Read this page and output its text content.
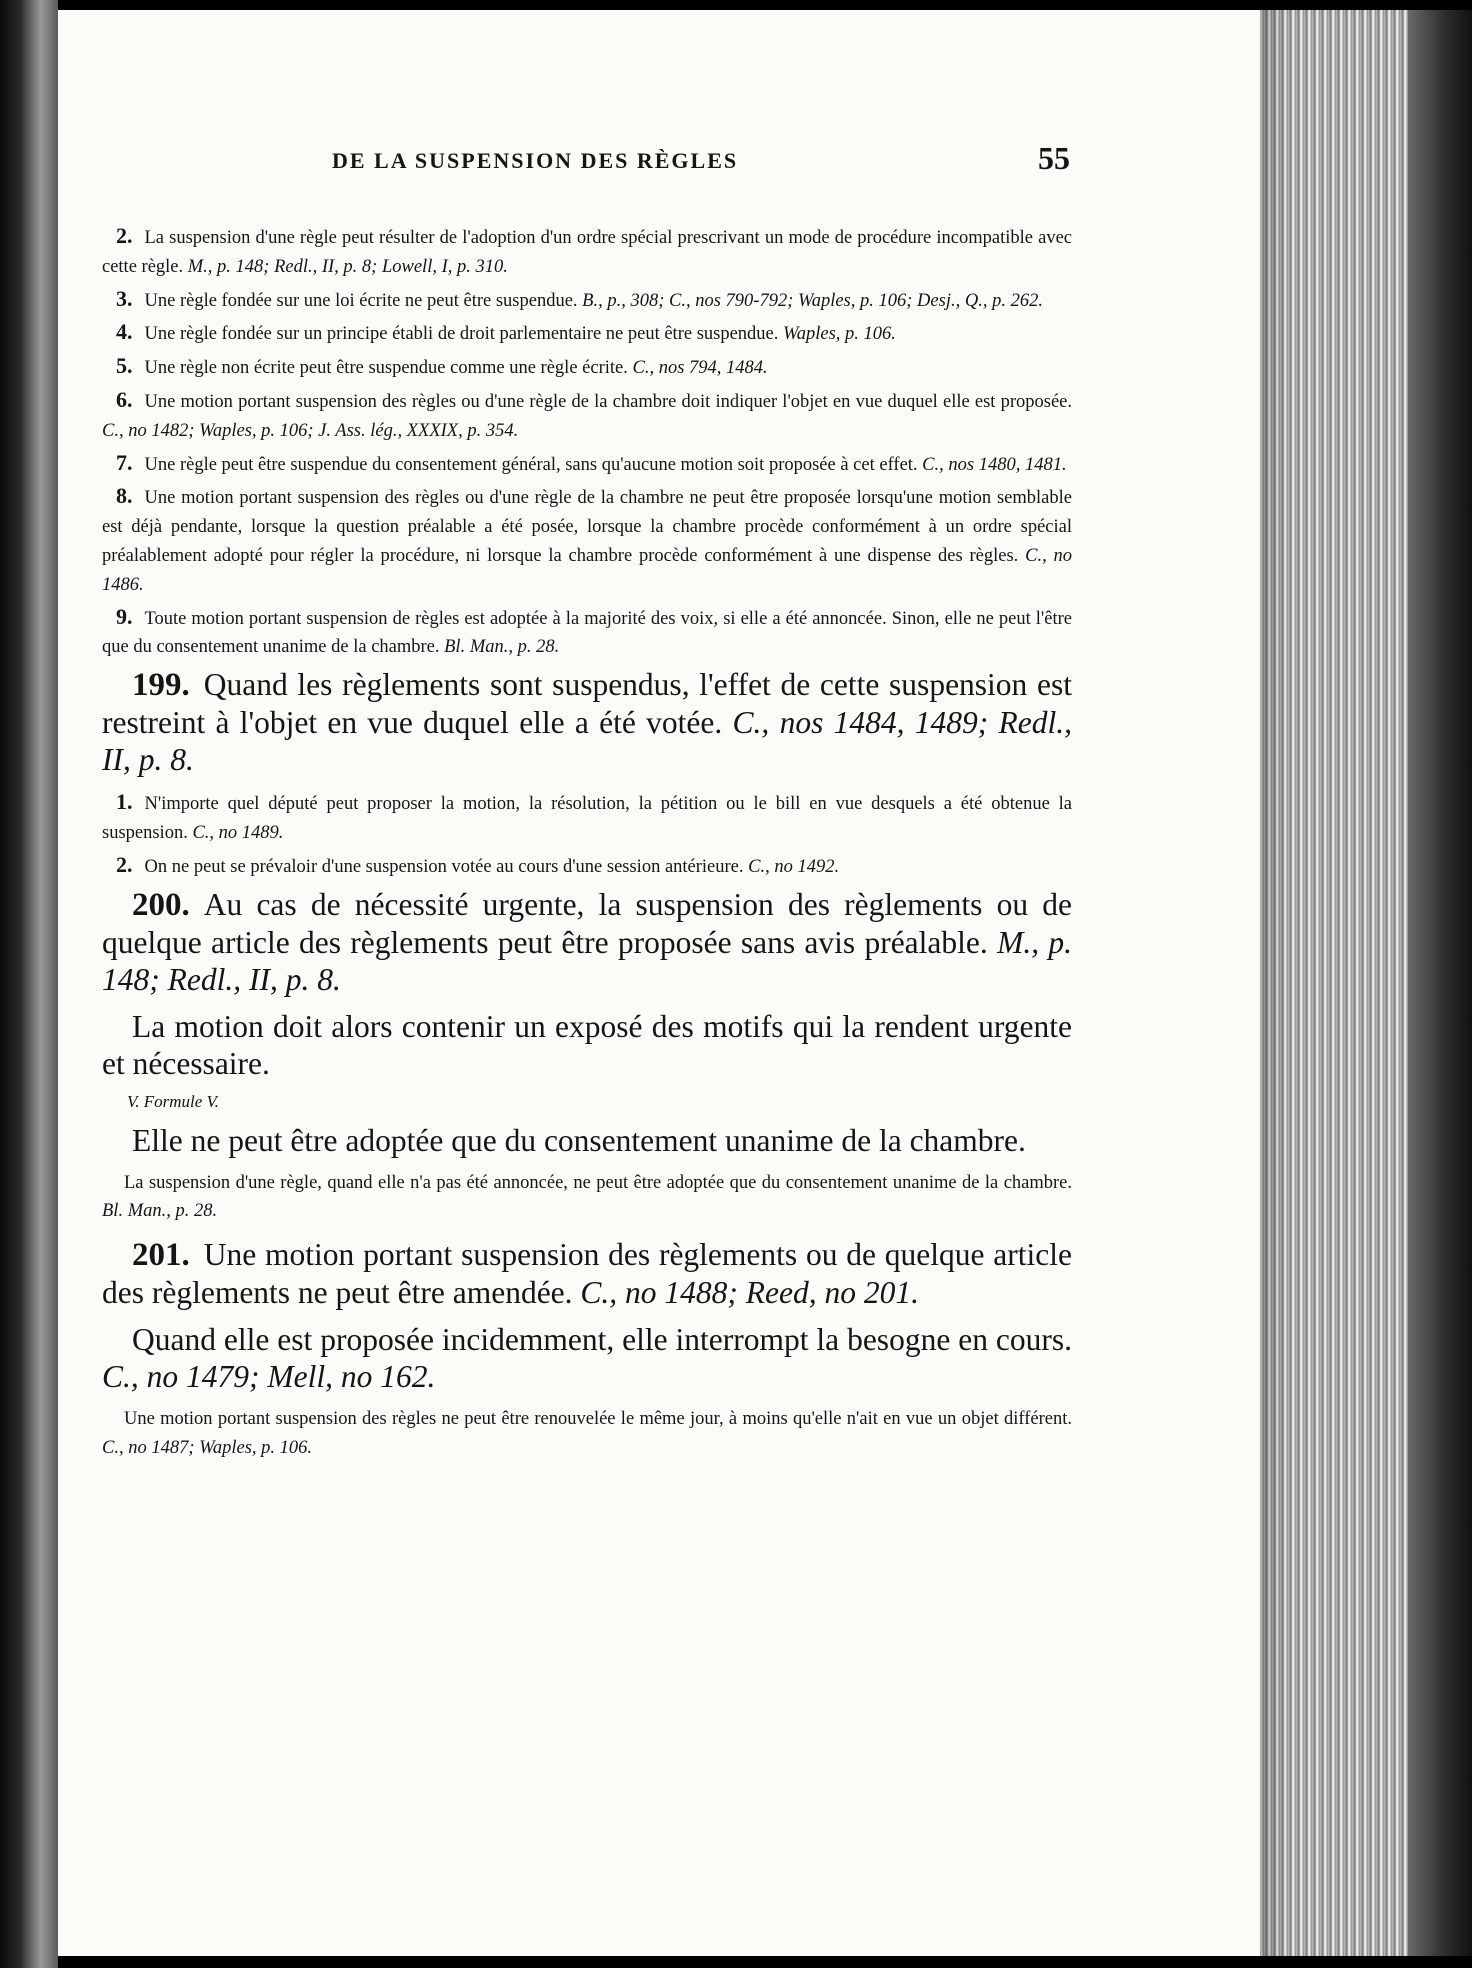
DE LA SUSPENSION DES RÈGLES	55

2. La suspension d'une règle peut résulter de l'adoption d'un ordre spécial prescrivant un mode de procédure incompatible avec cette règle. M., p. 148; Redl., II, p. 8; Lowell, I, p. 310.

3. Une règle fondée sur une loi écrite ne peut être suspendue. B., p., 308; C., nos 790-792; Waples, p. 106; Desj., Q., p. 262.

4. Une règle fondée sur un principe établi de droit parlementaire ne peut être suspendue. Waples, p. 106.

5. Une règle non écrite peut être suspendue comme une règle écrite. C., nos 794, 1484.

6. Une motion portant suspension des règles ou d'une règle de la chambre doit indiquer l'objet en vue duquel elle est proposée. C., no 1482; Waples, p. 106; J. Ass. lég., XXXIX, p. 354.

7. Une règle peut être suspendue du consentement général, sans qu'aucune motion soit proposée à cet effet. C., nos 1480, 1481.

8. Une motion portant suspension des règles ou d'une règle de la chambre ne peut être proposée lorsqu'une motion semblable est déjà pendante, lorsque la question préalable a été posée, lorsque la chambre procède conformément à un ordre spécial préalablement adopté pour régler la procédure, ni lorsque la chambre procède conformément à une dispense des règles. C., no 1486.

9. Toute motion portant suspension de règles est adoptée à la majorité des voix, si elle a été annoncée. Sinon, elle ne peut l'être que du consentement unanime de la chambre. Bl. Man., p. 28.

199. Quand les règlements sont suspendus, l'effet de cette suspension est restreint à l'objet en vue duquel elle a été votée. C., nos 1484, 1489; Redl., II, p. 8.

1. N'importe quel député peut proposer la motion, la résolution, la pétition ou le bill en vue desquels a été obtenue la suspension. C., no 1489.

2. On ne peut se prévaloir d'une suspension votée au cours d'une session antérieure. C., no 1492.

200. Au cas de nécessité urgente, la suspension des règlements ou de quelque article des règlements peut être proposée sans avis préalable. M., p. 148; Redl., II, p. 8.

La motion doit alors contenir un exposé des motifs qui la rendent urgente et nécessaire.

V. Formule V.

Elle ne peut être adoptée que du consentement unanime de la chambre.

La suspension d'une règle, quand elle n'a pas été annoncée, ne peut être adoptée que du consentement unanime de la chambre. Bl. Man., p. 28.

201. Une motion portant suspension des règlements ou de quelque article des règlements ne peut être amendée. C., no 1488; Reed, no 201.

Quand elle est proposée incidemment, elle interrompt la besogne en cours. C., no 1479; Mell, no 162.

Une motion portant suspension des règles ne peut être renouvelée le même jour, à moins qu'elle n'ait en vue un objet différent. C., no 1487; Waples, p. 106.
